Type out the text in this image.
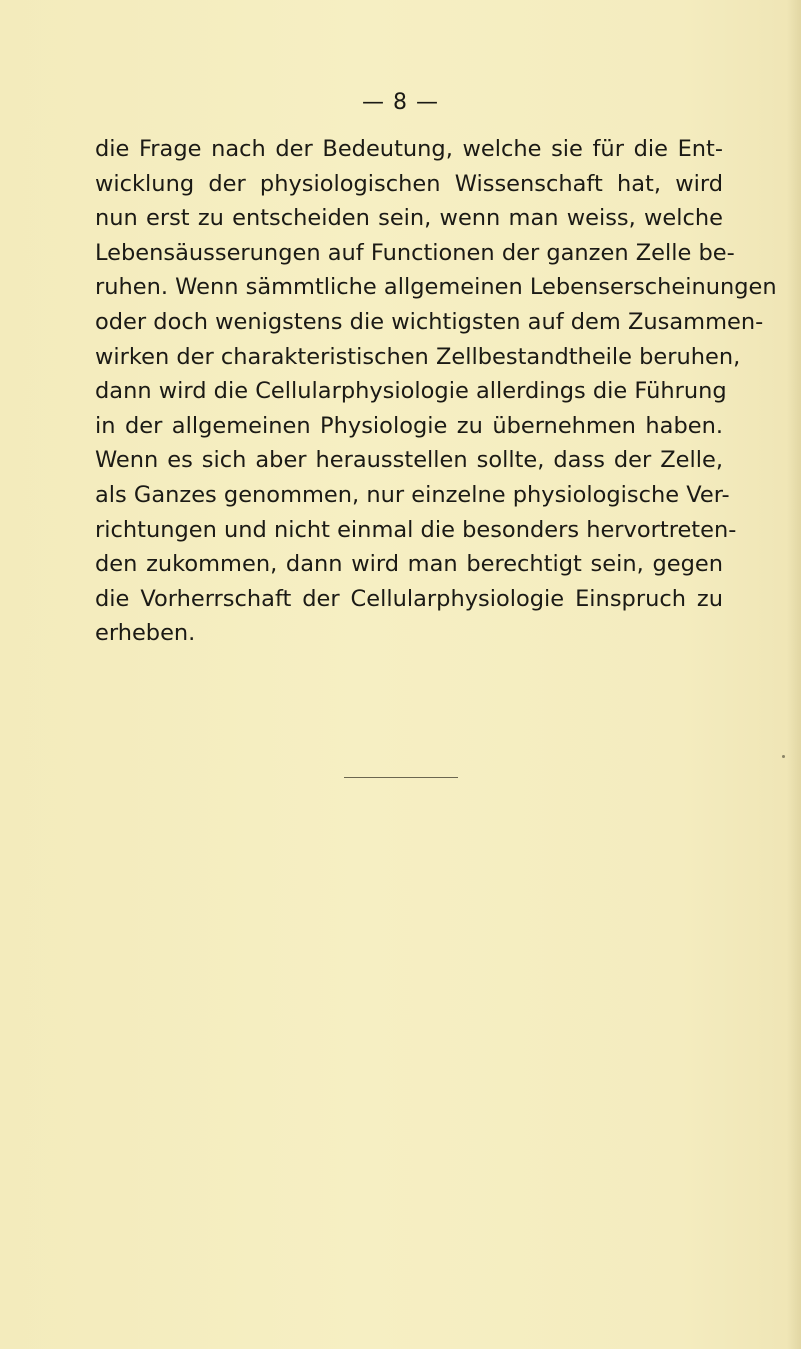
— 8 —

die Frage nach der Bedeutung, welche sie für die Ent-
wicklung der physiologischen Wissenschaft hat, wird
nun erst zu entscheiden sein, wenn man weiss, welche
Lebensäusserungen auf Functionen der ganzen Zelle be-
ruhen. Wenn sämmtliche allgemeinen Lebenserscheinungen
oder doch wenigstens die wichtigsten auf dem Zusammen-
wirken der charakteristischen Zellbestandtheile beruhen,
dann wird die Cellularphysiologie allerdings die Führung
in der allgemeinen Physiologie zu übernehmen haben.
Wenn es sich aber herausstellen sollte, dass der Zelle,
als Ganzes genommen, nur einzelne physiologische Ver-
richtungen und nicht einmal die besonders hervortreten-
den zukommen, dann wird man berechtigt sein, gegen
die Vorherrschaft der Cellularphysiologie Einspruch zu
erheben.
